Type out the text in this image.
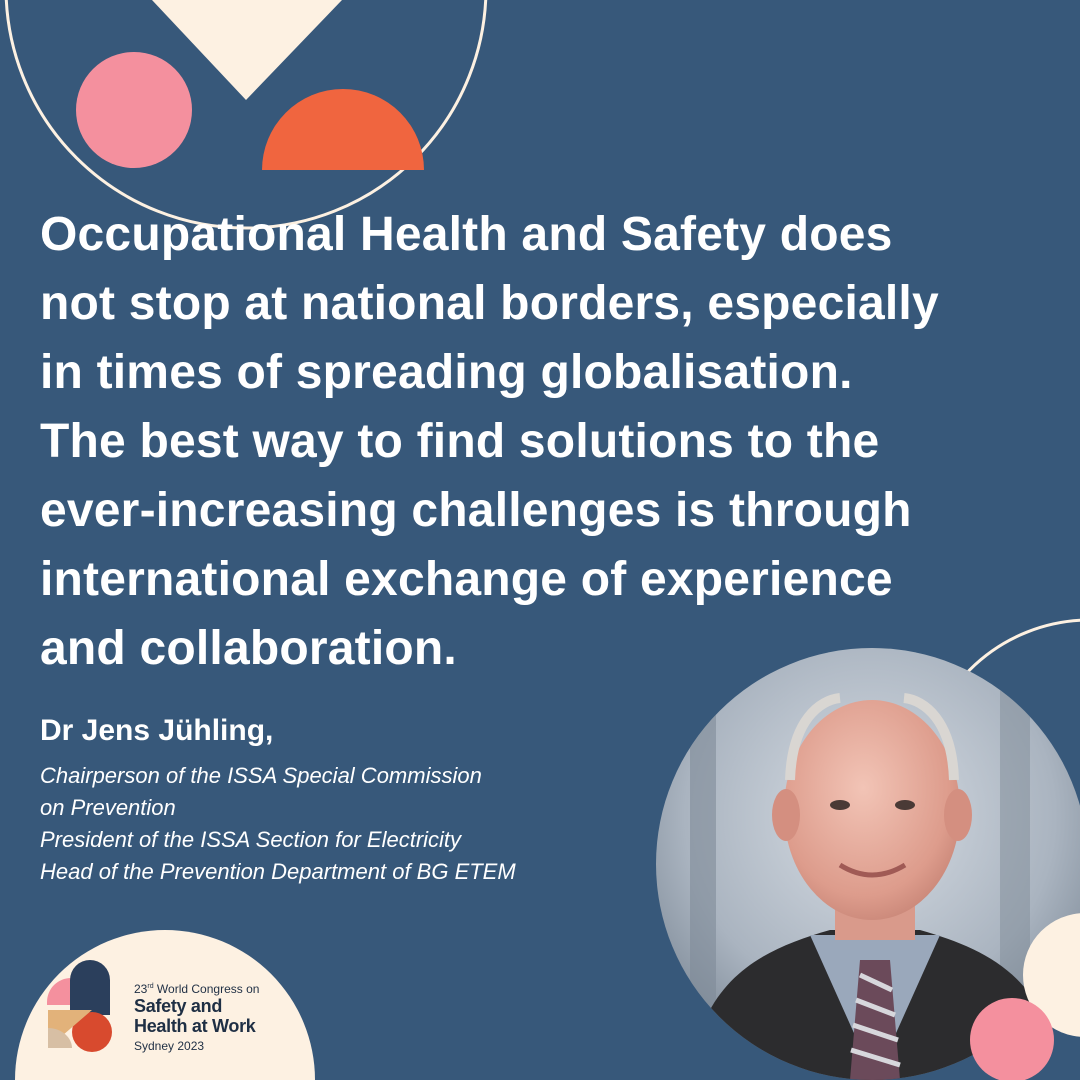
Occupational Health and Safety does
not stop at national borders, especially
in times of spreading globalisation.
The best way to find solutions to the
ever-increasing challenges is through
international exchange of experience
and collaboration.
Dr Jens Jühling,
Chairperson of the ISSA Special Commission
on Prevention
President of the ISSA Section for Electricity
Head of the Prevention Department of BG ETEM
23rd World Congress on
Safety and
Health at Work
Sydney 2023
